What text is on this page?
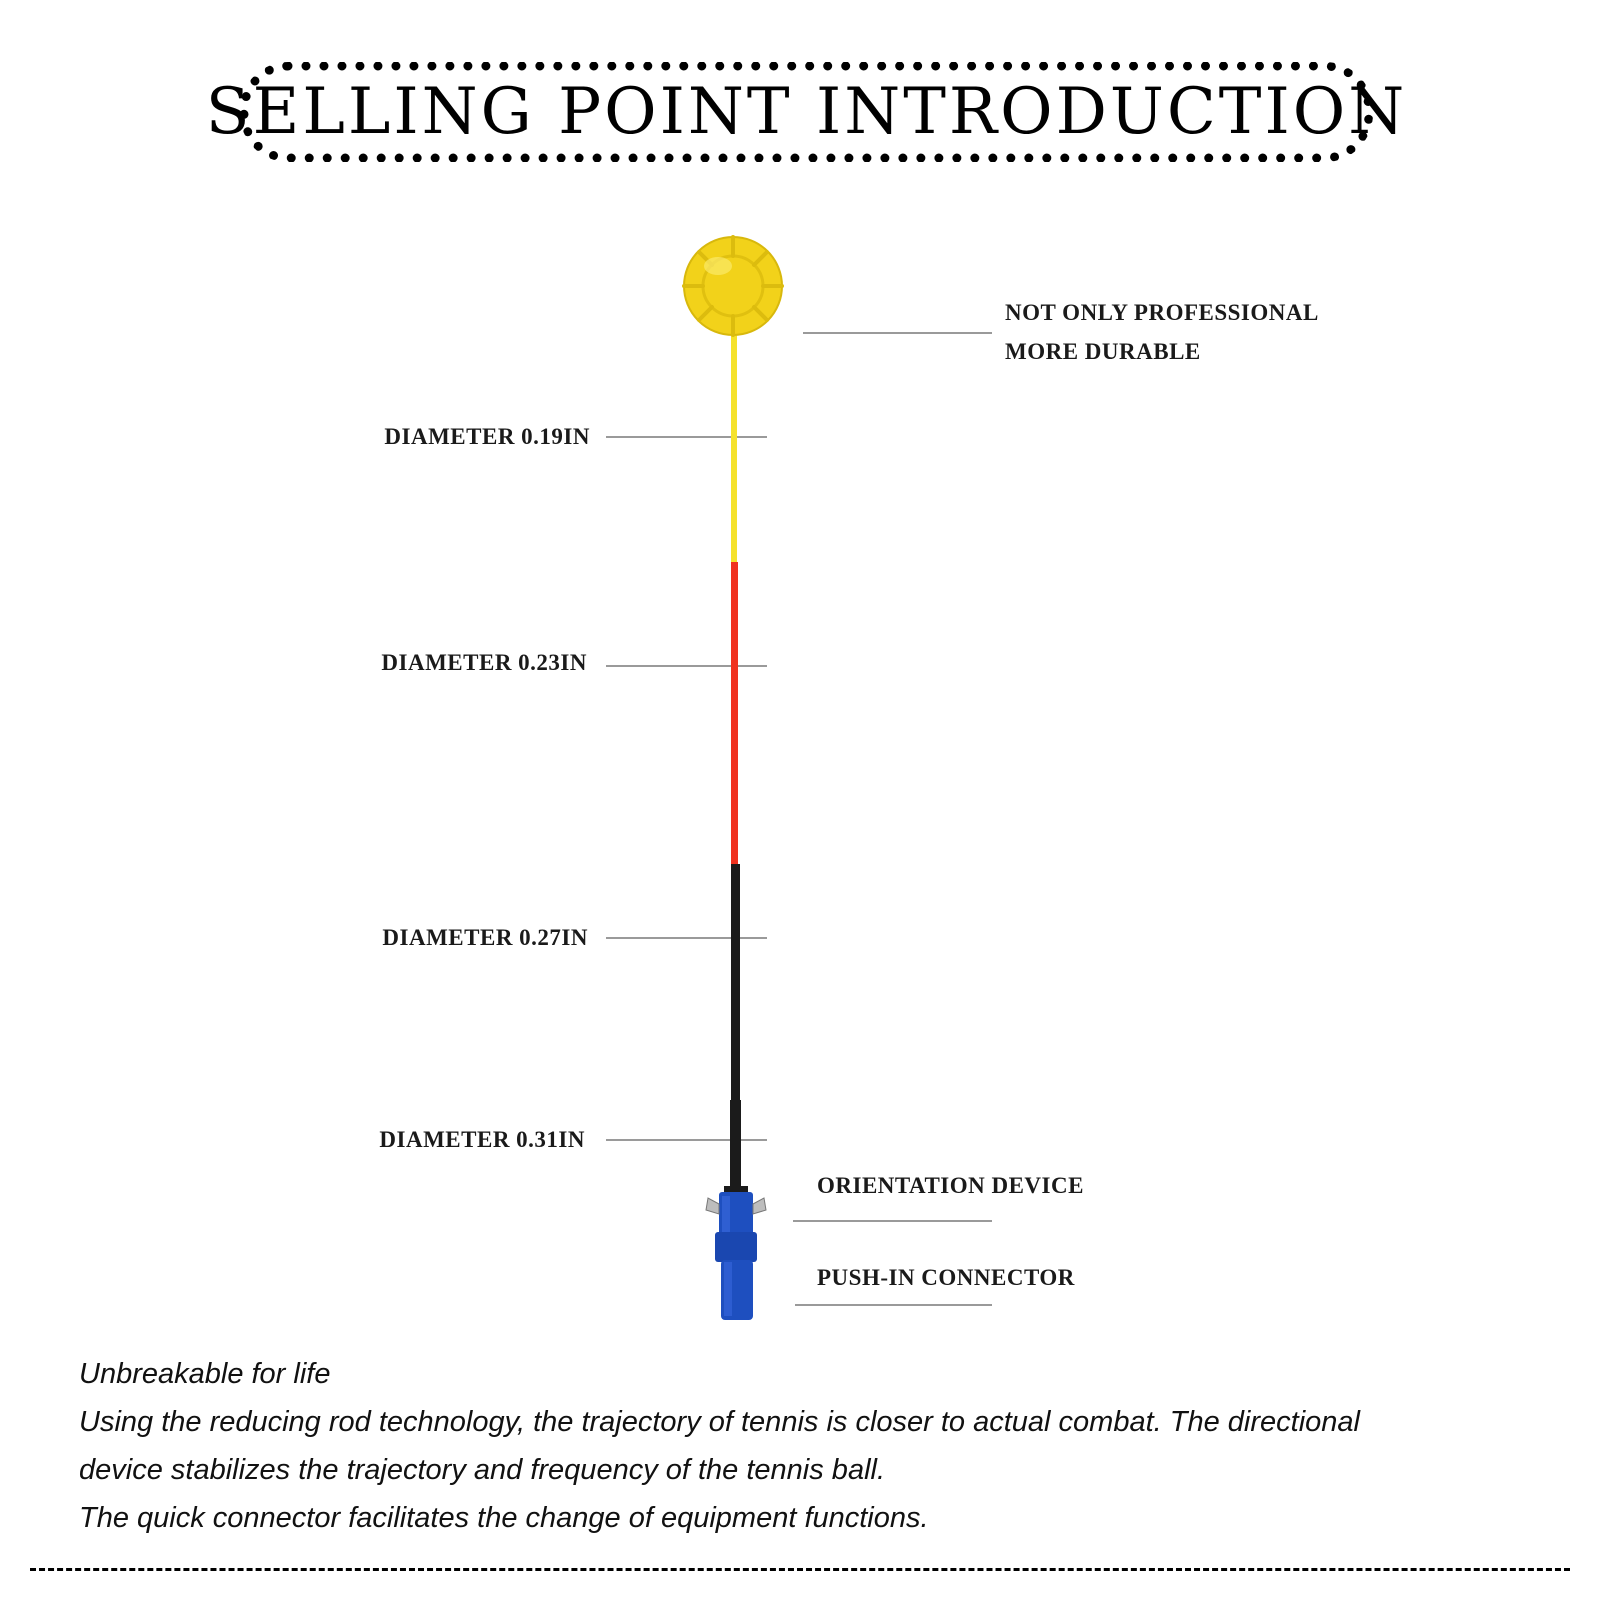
SELLING POINT INTRODUCTION
NOT ONLY PROFESSIONAL
MORE DURABLE
DIAMETER 0.19IN
DIAMETER 0.23IN
DIAMETER 0.27IN
DIAMETER 0.31IN
ORIENTATION DEVICE
PUSH-IN CONNECTOR
Unbreakable for life
Using the reducing rod technology, the trajectory of tennis is closer to actual combat. The directional
device stabilizes the trajectory and frequency of the tennis ball.
The quick connector facilitates the change of equipment functions.
